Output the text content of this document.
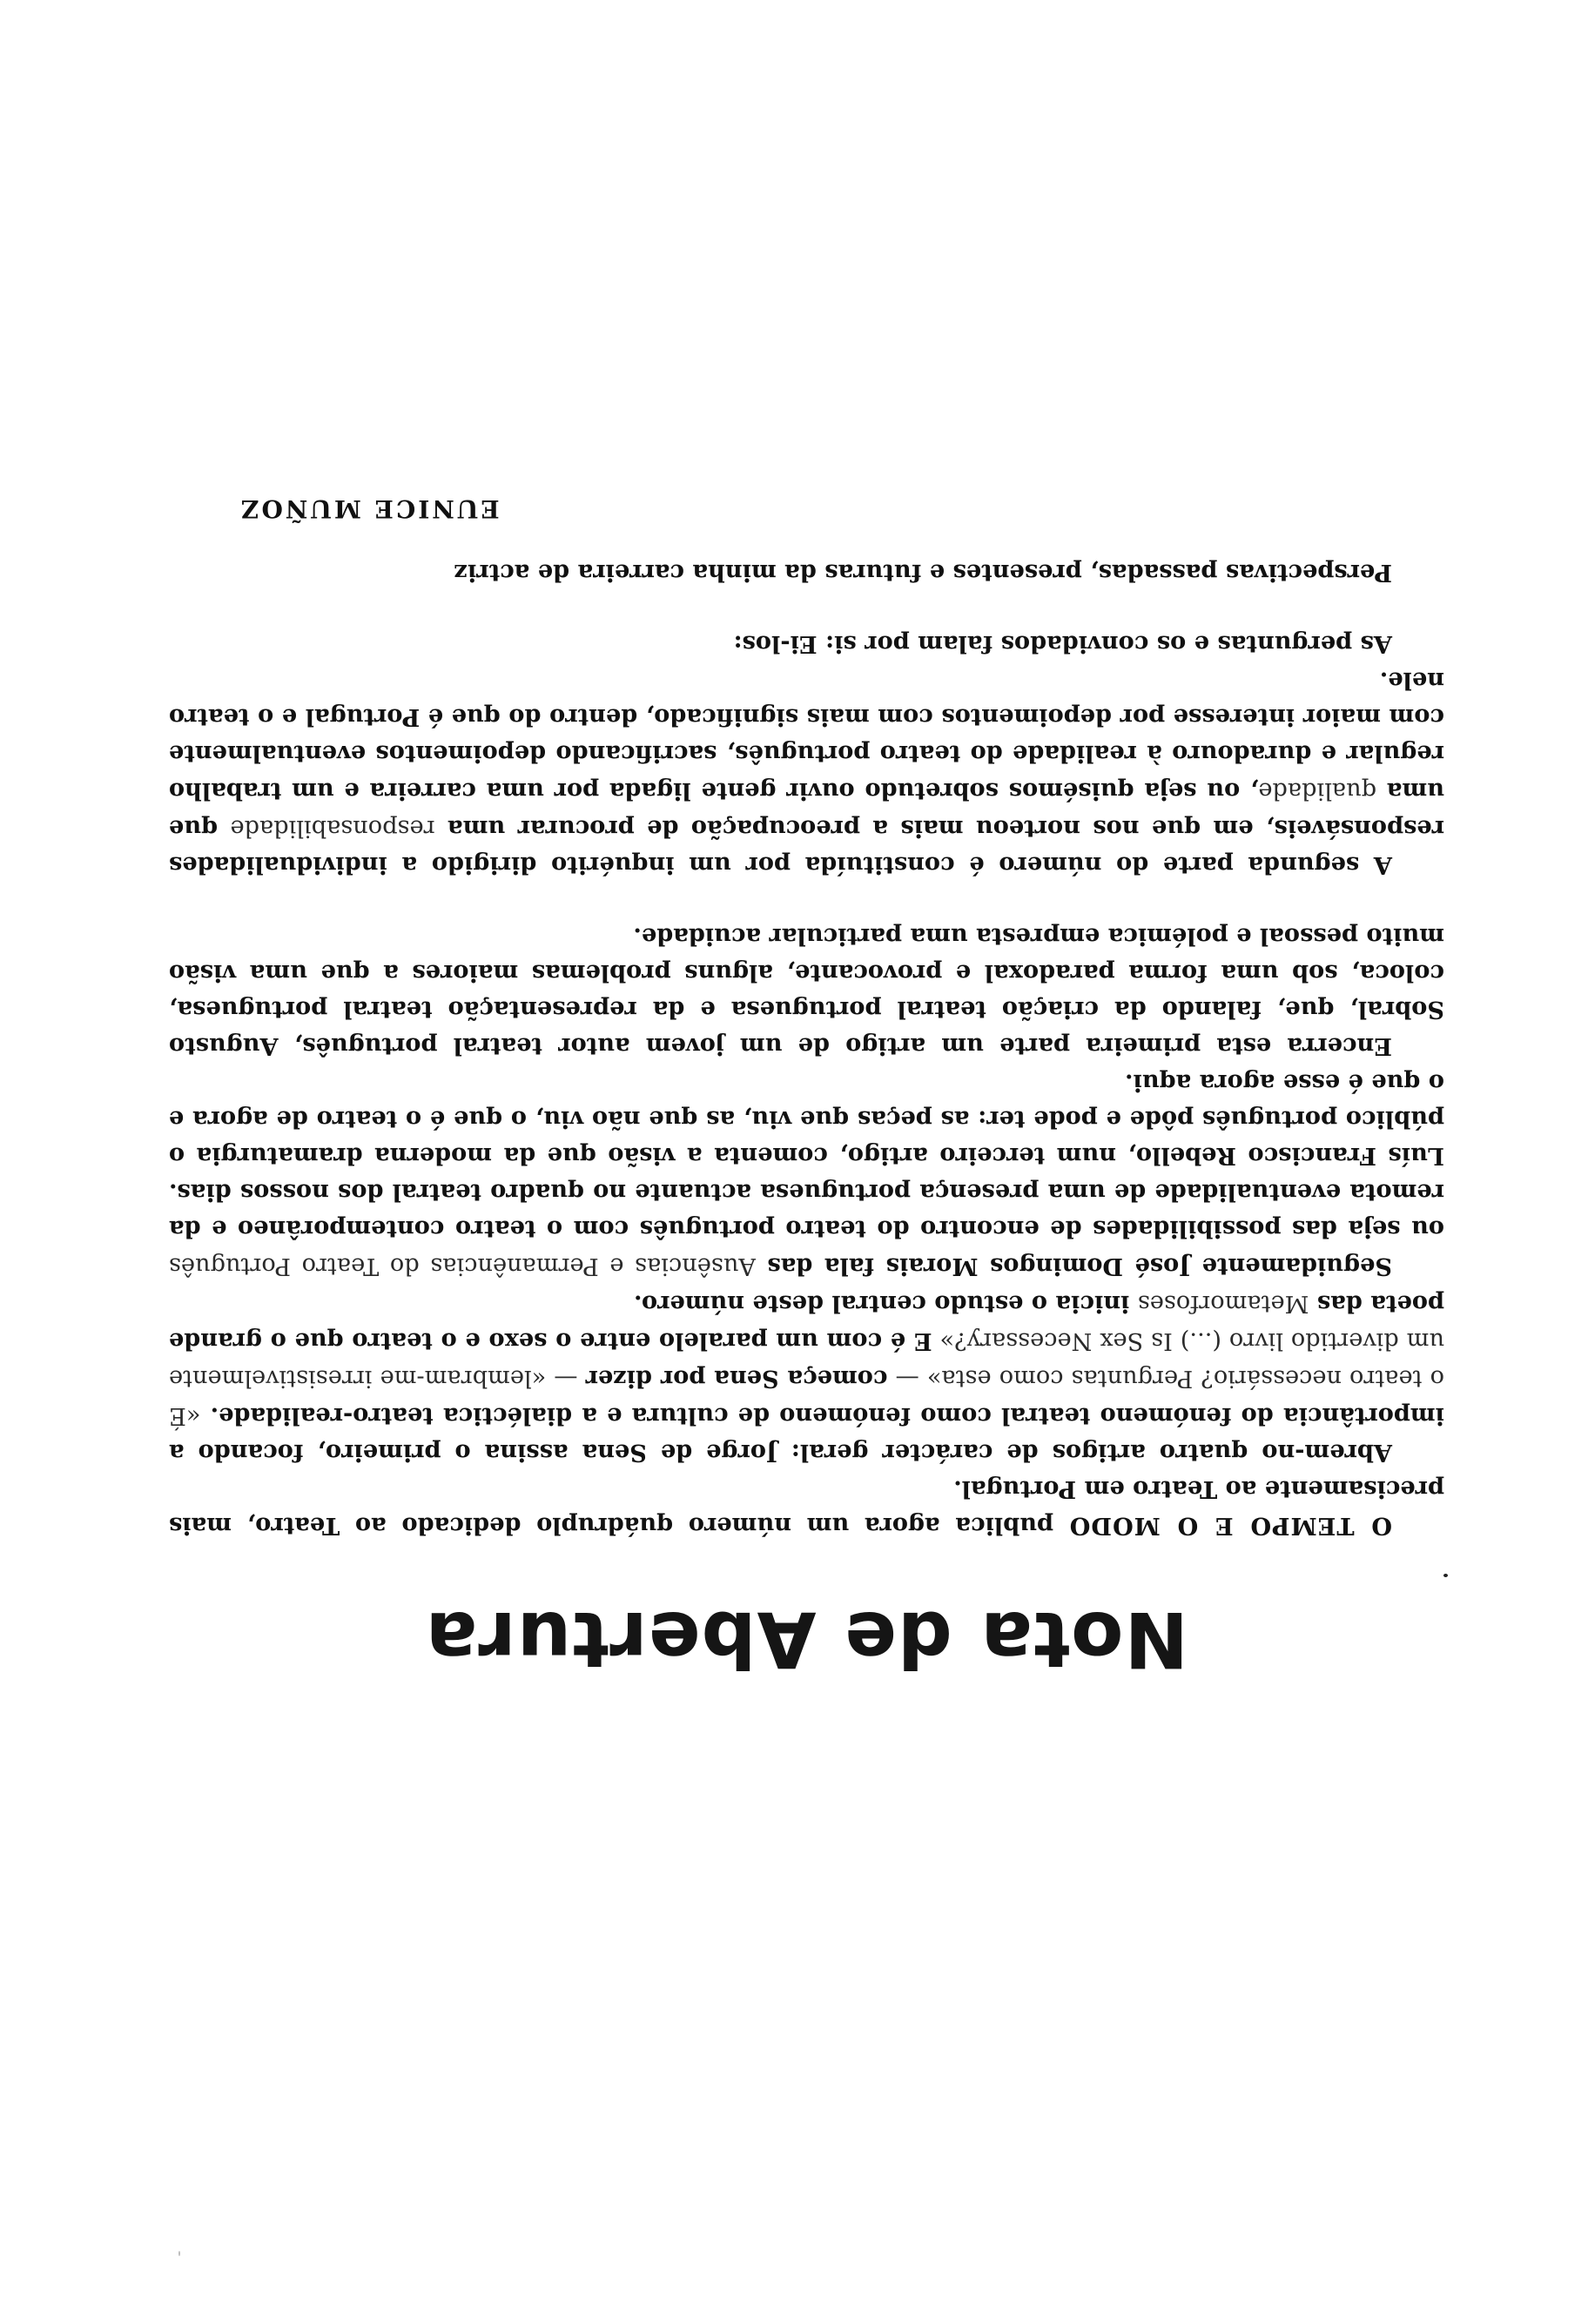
Nota de Abertura

O TEMPO E O MODO publica agora um número quádruplo dedicado ao Teatro, mais precisamente ao Teatro em Portugal.

Abrem-no quatro artigos de carácter geral: Jorge de Sena assina o primeiro, focando a importância do fenómeno teatral como fenómeno de cultura e a dialéctica teatro-realidade. «É o teatro necessário? Perguntas como esta» — começa Sena por dizer — «lembram-me irresistivelmente um divertido livro (...) Is Sex Necessary?» E é com um paralelo entre o sexo e o teatro que o grande poeta das Metamorfoses inicia o estudo central deste número.

Seguidamente José Domingos Morais fala das Ausências e Permanências do Teatro Português ou seja das possibilidades de encontro do teatro português com o teatro contemporâneo e da remota eventualidade de uma presença portuguesa actuante no quadro teatral dos nossos dias. Luís Francisco Rebello, num terceiro artigo, comenta a visão que da moderna dramaturgia o público português pôde e pode ter: as peças que viu, as que não viu, o que é o teatro de agora e o que é esse agora aqui.

Encerra esta primeira parte um artigo de um jovem autor teatral português, Augusto Sobral, que, falando da criação teatral portuguesa e da representação teatral portuguesa, coloca, sob uma forma paradoxal e provocante, alguns problemas maiores a que uma visão muito pessoal e polémica empresta uma particular acuidade.

A segunda parte do número é constituída por um inquérito dirigido a individualidades responsáveis, em que nos norteou mais a preocupação de procurar uma responsabilidade que uma qualidade, ou seja quisémos sobretudo ouvir gente ligada por uma carreira e um trabalho regular e duradouro à realidade do teatro português, sacrificando depoimentos eventualmente com maior interesse por depoimentos com mais significado, dentro do que é Portugal e o teatro nele.

As perguntas e os convidados falam por si: Ei-los:

Perspectivas passadas, presentes e futuras da minha carreira de actriz

EUNICE MUÑOZ
